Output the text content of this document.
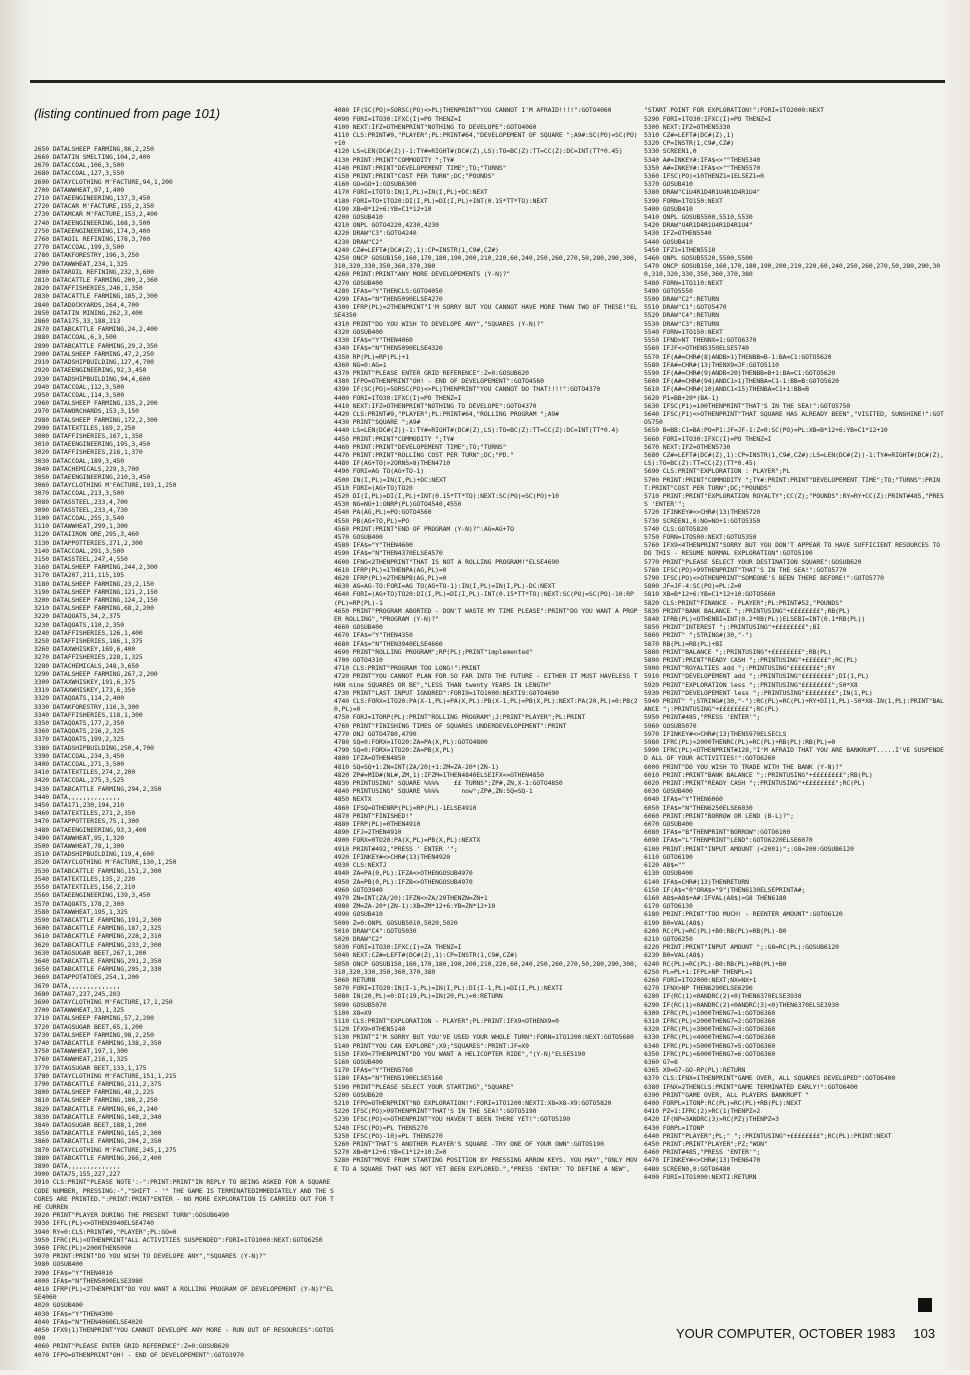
(listing continued from page 101)

2650 DATALSHEEP FARMING,86,2,250
2660 DATATIN SMELTING,104,2,400
2670 DATACCOAL,106,3,500
2680 DATACCOAL,127,3,550
2690 DATAYCLOTHING M'FACTURE,94,1,200
2700 DATAWWHEAT,97,1,400
2710 DATAEENGINEERING,137,3,450
2720 DATACAR M'FACTURE,155,2,350
2730 DATAMCAR M'FACTURE,153,2,400
2740 DATAEENGINEERING,168,3,500
2750 DATAEENGINEERING,174,3,400
2760 DATAOIL REFINING,178,3,700
2770 DATACCOAL,199,3,500
2780 DATAKFORESTRY,196,3,250
2790 DATAWWHEAT,234,1,325
2800 DATAROIL REFINING,232,3,600
2810 DATACATTLE FARMING,209,2,360
2820 DATAFFISHERIES,246,1,350
2830 DATACATTLE FARMING,185,2,300
2840 DATADOCKYARDS,264,4,700
2850 DATATIN MINING,262,3,400
2860 DATA175,33,188,213
2870 DATABCATTLE FARMING,24,2,400
2880 DATACCOAL,6,3,500
2890 DATABCATTLE FARMING,29,2,350
2900 DATALSHEEP FARMING,47,2,250
2910 DATADSHIPBUILDING,127,4,700
2920 DATAEENGINEERING,92,3,450
2930 DATADSHIPBUILDING,94,4,600
2940 DATACCOAL,112,3,500
2950 DATACCOAL,114,3,500
2960 DATALSHEEP FARMING,135,2,200
2970 DATAWORCHARDS,153,3,150
2980 DATALSHEEP FARMING,172,2,300
2990 DATATEXTILES,169,2,250
3000 DATAFFISHERIES,167,1,350
3010 DATAEENGINEERING,195,3,450
3020 DATAFFISHERIES,216,1,370
3030 DATACCOAL,189,3,450
3040 DATACHEMICALS,229,3,700
3050 DATAEENGINEERING,210,3,450
3060 DATAYCLOTHING M'FACTURE,193,1,250
3070 DATACCOAL,213,3,500
3080 DATASSTEEL,233,4,700
3090 DATASSTEEL,233,4,730
3100 DATACCOAL,255,3,540
3110 DATAWWHEAT,299,1,300
3120 DATAIIRON ORE,295,3,460
3130 DATAPPOTTERIES,271,2,300
3140 DATACCOAL,291,3,500
3150 DATASSTEEL,247,4,550
3160 DATALSHEEP FARMING,244,2,300
3170 DATA207,211,115,195
3180 DATALSHEEP FARMING,23,2,150
3190 DATALSHEEP FARMING,121,2,150
3200 DATALSHEEP FARMING,124,2,150
3210 DATALSHEEP FARMING,68,2,200
3220 DATAQOATS,34,2,375
3230 DATAQOATS,110,2,350
3240 DATAFFISHERIES,126,1,400
3250 DATAFFISHERIES,186,1,375
3260 DATAXWHISKEY,169,6,400
3270 DATAFFISHERIES,228,1,325
3280 DATACHEMICALS,248,3,650
3290 DATALSHEEP FARMING,267,2,200
3300 DATAXWHISKEY,191,6,375
3310 DATAXWHISKEY,173,6,350
3320 DATAQOATS,114,2,400
3330 DATAKFORESTRY,116,3,300
3340 DATAFFISHERIES,118,1,300
3350 DATAQOATS,177,2,350
3360 DATAQOATS,216,2,325
3370 DATAQOATS,199,2,325
3380 DATADSHIPBUILDING,250,4,700
3390 DATACCOAL,234,3,450
3400 DATACCOAL,271,3,500
3410 DATATEXTILES,274,2,200
3420 DATACCOAL,275,3,525
3430 DATABCATTLE FARMING,294,2,350
3440 DATA,,,,,,,,,,,,,,
3450 DATA171,230,194,210
3460 DATATEXTILES,271,2,350
3470 DATAPPOTTERIES,75,1,300
3480 DATAEENGINEERING,93,3,400
3490 DATAWWHEAT,95,1,320
3500 DATAWWHEAT,78,1,300
3510 DATADSHIPBUILDING,119,4,600
3520 DATAYCLOTHING M'FACTURE,130,1,250
3530 DATABCATTLE FARMING,151,2,300
3540 DATATEXTILES,135,2,220
3550 DATATEXTILES,156,2,210
3560 DATAEENGINEERING,139,3,450
3570 DATAQOATS,178,2,300
3580 DATAWWHEAT,195,1,325
3590 DATABCATTLE FARMING,191,2,300
3600 DATABCATTLE FARMING,187,2,325
3610 DATABCATTLE FARMING,228,2,310
3620 DATABCATTLE FARMING,233,2,300
3630 DATAGSUGAR BEET,267,1,200
3640 DATABCATTLE FARMING,291,2,350
3650 DATABCATTLE FARMING,295,2,330
3660 DATAPPOTATOES,254,1,200
3670 DATA,,,,,,,,,,,,,,
3680 DATA87,237,245,203
3690 DATAYCLOTHING M'FACTURE,17,1,250
3700 DATAWWHEAT,33,1,325
3710 DATALSHEEP FARMING,57,2,200
3720 DATAGSUGAR BEET,65,1,200
3730 DATALSHEEP FARMING,98,2,250
3740 DATABCATTLE FARMING,138,2,350
3750 DATAWWHEAT,197,1,300
3760 DATAWWHEAT,216,1,325
3770 DATAGSUGAR BEET,133,1,175
3780 DATAYCLOTHING M'FACTURE,151,1,215
3790 DATABCATTLE FARMING,211,2,375
3800 DATALSHEEP FARMING,48,2,225
3810 DATALSHEEP FARMING,108,2,250
3820 DATABCATTLE FARMING,66,2,240
3830 DATABCATTLE FARMING,148,2,340
3840 DATAGSUGAR BEET,188,1,200
3850 DATABCATTLE FARMING,165,2,300
3860 DATABCATTLE FARMING,204,2,350
3870 DATAYCLOTHING M'FACTURE,245,1,275
3880 DATABCATTLE FARMING,266,2,400
3890 DATA,,,,,,,,,,,,,,
3900 DATA75,155,227,227
3910 CLS:PRINT"PLEASE NOTE':-":PRINT:PRINT"IN REPLY TO BEING ASKED FOR A SQUARE CODE NUMBER, PRESSING:-","SHIFT - '" THE GAME IS TERMINATEDIMMEDIATELY AND THE SCORES ARE PRINTED.":PRINT:PRINT"ENTER - NO MORE EXPLORATION IS CARRIED OUT FOR THE CURREN
3920 PRINT"PLAYER DURING THE PRESENT TURN":GOSUB6490
3930 IFFL(PL)<>OTHEN3940ELSE4740
3940 RY=0:CLS:PRINT#9,"PLAYER";PL:GO=0
3950 IFRC(PL)<OTHENPRINT"ALL ACTIVITIES SUSPENDED":FORI=1TO1000:NEXT:GOTO6250
3960 IFRC(PL)<2000THEN5090
3970 PRINT:PRINT"DO YOU WISH TO DEVELOPE ANY","SQUARES (Y-N)?"
3980 GOSUB400
3990 IFA$="Y"THEN4010
4000 IFA$="N"THEN5090ELSE3980
4010 IFRP(PL)<2THENPRINT"DO YOU WANT A ROLLING PROGRAM OF DEVELOPEMENT (Y-N)?"ELSE4060
4020 GOSUB400
4030 IFA$="Y"THEN4300
4040 IFA$="N"THEN4060ELSE4020
4050 IFX9(1)THENPRINT"YOU CANNOT DEVELOPE ANY MORE - RUN OUT OF RESOURCES":GOTO5090
4060 PRINT"PLEASE ENTER GRID REFERENCE":Z=0:GOSUB620
4070 IFPO=OTHENPRINT"OH! - END OF DEVELOPEMENT":GOTO3970

4080 IF(SC(PO)>5ORSC(PO)<>PL)THENPRINT"YOU CANNOT I'M AFRAID!!!!":GOTO4060
4090 FORI=1TO30:IFXC(I)=PO THENZ=I
4100 NEXT:IFZ=OTHENPRINT"NOTHING TO DEVELOPE":GOTO4060
4110 CLS:PRINT#9,"PLAYER";PL:PRINT#64,"DEVELOPEMENT OF SQUARE ";A9#:SC(PO)=SC(PO)+10
4120 LS=LEN(DC#(Z))-1:TY#=RIGHT#(DC#(Z),LS):TO=BC(Z):TT=CC(Z):DC=INT(TT*0.45)
4130 PRINT:PRINT"COMMODITY ";TY#
4140 PRINT:PRINT"DEVELOPEMENT TIME";TO;"TURNS"
4150 PRINT:PRINT"COST PER TURN";DC;"POUNDS"
4160 GO=GO+1:GOSUB6300
4170 FORI=1TOTO:IN(I,PL)=IN(I,PL)+DC:NEXT
4180 FORI=TO+1TO20:DI(I,PL)=DI(I,PL)+INT(0.15*TT*TO):NEXT
4190 XB=B*12+6:YB=C1*12+10
4200 GOSUB410
4210 ONPL GOTO4220,4230,4230
4220 DRAW"C3":GOTO4240
4230 DRAW"C2"
4240 CZ#=LEFT#(DC#(Z),1):CP=INSTR(1,C9#,CZ#)
4250 ONCP GOSUB150,160,170,180,190,200,210,220,60,240,250,260,270,50,280,290,300,310,320,330,350,360,370,380
4260 PRINT:PRINT"ANY MORE DEVELOPEMENTS (Y-N)?"
4270 GOSUB400
4280 IFA$="Y"THENCLS:GOTO4050
4290 IFA$="N"THEN5090ELSE4270
4300 IFRP(PL)=2THENPRINT"I'M SORRY BUT YOU CANNOT HAVE MORE THAN TWO OF THESE!"ELSE4350
4310 PRINT"DO YOU WISH TO DEVELOPE ANY","SQUARES (Y-N)?"
4320 GOSUB400
4330 IFA$="Y"THEN4060
4340 IFA$="N"THEN5090ELSE4320
4350 RP(PL)=RP(PL)+1
4360 NG=0:AG=1
4370 PRINT"PLEASE ENTER GRID REFERENCE":Z=0:GOSUB620
4380 IFPO=OTHENPRINT"OH! - END OF DEVELOPEMENT":GOTO4560
4390 IF(SC(PO)>5ORSC(PO)<>PL)THENPRINT"YOU CANNOT DO THAT!!!!":GOTO4370
4400 FORI=1TO30:IFXC(I)=PO THENZ=I
4410 NEXT:IFZ=OTHENPRINT"NOTHING TO DEVELOPE":GOTO4370
4420 CLS:PRINT#9,"PLAYER";PL:PRINT#64,"ROLLING PROGRAM ";A9#
4430 PRINT"SQUARE ";A9#
4440 LS=LEN(DC#(Z))-1:TY#=RIGHT#(DC#(Z),LS):TO=BC(Z):TT=CC(Z):DC=INT(TT*0.4)
4450 PRINT:PRINT"COMMODITY ";TY#
4460 PRINT:PRINT"DEVELOPEMENT TIME";TO;"TURNS"
4470 PRINT:PRINT"ROLLING COST PER TURN";DC;"PD."
4480 IF(AG+TO)>2ORNS>8)THEN4710
4490 FORI=AG TO(AG+TO-1)
4500 IN(I,PL)=IN(I,PL)+DC:NEXT
4510 FORI=(AG+TO)TO20
4520 DI(I,PL)=DI(I,PL)+INT(0.15*TT*TO):NEXT:SC(PO)=SC(PO)+10
4530 NG=NG+1:ONRP(PL)GOTO4540,4550
4540 PA(AG,PL)=PO:GOTO4560
4550 PB(AG+TO,PL)=PO
4560 PRINT:PRINT"END OF PROGRAM (Y-N)?":AG=AG+TO
4570 GOSUB400
4580 IFA$="Y"THEN4600
4590 IFA$="N"THEN4370ELSE4570
4600 IFNG<2THENPRINT"THAT IS NOT A ROLLING PROGRAM!"ELSE4690
4610 IFRP(PL)=1THENPA(AG,PL)=0
4620 IFRP(PL)=2THENPB(AG,PL)=0
4630 AG=AG-TO:FORI=AG TO(AG+TO-1):IN(I,PL)=IN(I,PL)-DC:NEXT
4640 FORI=(AG+TO)TO20:DI(I,PL)=DI(I,PL)-INT(0.15*TT*TO):NEXT:SC(PO)=SC(PO)-10:RP(PL)=RP(PL)-1
4650 PRINT"PROGRAM ABORTED - DON'T WASTE MY TIME PLEASE":PRINT"DO YOU WANT A PROPER ROLLING","PROGRAM (Y-N)?"
4660 GOSUB400
4670 IFA$="Y"THEN4350
4680 IFA$="N"THEN3940ELSE4660
4690 PRINT"ROLLING PROGRAM";RP(PL);PRINT"implemented"
4700 GOTO4310
4710 CLS:PRINT"PROGRAM TOO LONG!":PRINT
4720 PRINT"YOU CANNOT PLAN FOR SO FAR INTO THE FUTURE - EITHER IT MUST HAVELESS THAN nine SQUARES OR BE","LESS THAN twenty YEARS IN LENGTH"
4730 PRINT"LAST INPUT IGNORED":FORI9=1TO1000:NEXTI9:GOTO4690
4740 CLS:FORX=1TO20:PA(X-1,PL)=PA(X,PL):PB(X-1,PL)=PB(X,PL):NEXT:PA(20,PL)=0:PB(20,PL)=0
4750 FORJ=1TORP(PL):PRINT"ROLLING PROGRAM";J:PRINT"PLAYER";PL:PRINT
4760 PRINT"FINISHING TIMES OF SQUARES UNDERDEVELOPEMENT":PRINT
4770 ONJ GOTO4780,4790
4780 SQ=0:FORX=1TO20:ZA=PA(X,PL):GOTO4800
4790 SQ=0:FORX=1TO20:ZA=PB(X,PL)
4800 IFZA=OTHEN4850
4810 SQ=SQ+1:ZN=INT(ZA/20)+1:ZM=ZA-20*(ZN-1)
4820 ZP#=MID#(NL#,ZM,1):IFZM=1THEN4840ELSEIFX<=OTHEN4850
4830 PRINTUSING" SQUARE %%%%    ££ TURNS";ZP#,ZN,X-1:GOTO4850
4840 PRINTUSING" SQUARE %%%%      now";ZP#,ZN:SQ=SQ-1
4850 NEXTX
4860 IFSQ=OTHENRP(PL)=RP(PL)-1ELSE4910
4870 PRINT"FINISHED!"
4880 IFRP(PL)=0THEN4910
4890 IFJ=2THEN4910
4900 FORX=0TO20:PA(X,PL)=PB(X,PL):NEXTX
4910 PRINT#492,"PRESS ' ENTER '";
4920 IFINKEY#<>CHR#(13)THEN4920
4930 CLS:NEXTJ
4940 ZA=PA(0,PL):IFZA<>OTHENGOSUB4970
4950 ZA=PB(0,PL):IFZB<>OTHENGOSUB4970
4960 GOTO3940
4970 ZN=INT(ZA/20):IFZN<>ZA/20THENZN=ZN+1
4980 ZM=ZA-20*(ZN-1):XB=ZM*12+6:YB=ZN*12+10
4990 GOSUB410
5000 Z=0:ONPL GOSUB5010,5020,5020
5010 DRAW"C4":GOTO5030
5020 DRAW"C2"
5030 FORI=1TO30:IFXC(I)=ZA THENZ=I
5040 NEXT:CZ#=LEFT#(DC#(Z),1):CP=INSTR(1,C9#,CZ#)
5050 ONCP GOSUB150,160,170,180,190,200,210,220,60,240,250,260,270,50,280,290,300,310,320,330,350,360,370,380
5060 RETURN
5070 FORI=1TO20:IN(I-1,PL)=IN(I,PL):DI(I-1,PL)=DI(I,PL):NEXTI
5080 IN(20,PL)=0:DI(19,PL)=IN(20,PL)=0:RETURN
5090 GOSUB5070
5100 X8=X9
5110 CLS:PRINT"EXPLORATION - PLAYER";PL:PRINT:IFX9<OTHENX9=0
5120 IFX9>0THEN5140
5130 PRINT"I'M SORRY BUT YOU'VE USED YOUR WHOLE TURN":FORN=1TO1200:NEXT:GOTO5680
5140 PRINT"YOU CAN EXPLORE";X9;"SQUARES":PRINT:JF=X9
5150 IFX9<7THENPRINT"DO YOU WANT A HELICOPTER RIDE","(Y-N)"ELSE5190
5160 GOSUB400
5170 IFA$="Y"THEN5760
5180 IFA$="N"THEN5190ELSE5160
5190 PRINT"PLEASE SELECT YOUR STARTING","SQUARE"
5200 GOSUB620
5210 IFPO=OTHENPRINT"NO EXPLORATION!":FORI=1TO1200:NEXTI:X8=X8-X9:GOTO5820
5220 IFSC(PO)>99THENPRINT"THAT'S IN THE SEA!":GOTO5190
5230 IFSC(PO)<>OTHENPRINT"YOU HAVEN'T BEEN THERE YET!":GOTO5190
5240 IFSC(PO)=PL THEN5270
5250 IFSC(PO)-10)=PL THEN5270
5260 PRINT"THAT'S ANOTHER PLAYER'S SQUARE -TRY ONE OF YOUR OWN":GOTO5190
5270 XB=B*12+6:YB=C1*12+10:Z=0
5280 PRINT"MOVE FROM STARTING POSITION BY PRESSING ARROW KEYS. YOU MAY","ONLY MOVE TO A SQUARE THAT HAS NOT YET BEEN EXPLORED.","PRESS 'ENTER' TO DEFINE A NEW",

"START POINT FOR EXPLORATION!":FORI=1TO2000:NEXT
5290 FORI=1TO30:IFXC(I)=PO THENZ=I
5300 NEXT:IFZ=OTHEN5330
5310 CZ#=LEFT#(DC#(Z),1)
5320 CP=INSTR(1,C9#,CZ#)
5330 SCREEN1,0
5340 A#=INKEY#:IFA$<>""THEN5340
5350 A#=INKEY#:IFA$<>""THEN5570
5360 IFSC(PO)<10THENZ1=1ELSEZ1=0
5370 GOSUB410
5380 DRAW"C1U4R1D4R1U4R1D4R1U4"
5390 FORN=1TO150:NEXT
5400 GOSUB410
5410 ONPL GOSUB5500,5510,5530
5420 DRAW"U4R1D4R1U4R1D4R1U4"
5430 IFZ=OTHEN5540
5440 GOSUB410
5450 IFZ1=1THEN5510
5460 ONPL GOSUB5520,5500,5500
5470 ONCP GOSUB150,160,170,180,190,200,210,220,60,240,250,260,270,50,280,290,300,310,320,330,350,360,370,380
5480 FORN=1TO110:NEXT
5490 GOTO5550
5500 DRAW"C2":RETURN
5510 DRAW"C1":GOTO5470
5520 DRAW"C4":RETURN
5530 DRAW"C3":RETURN
5540 FORN=1TO150:NEXT
5550 IFND>NT THENNX=1:GOTO6370
5560 IFJF<>OTHEN5350ELSE5740
5570 IF(A#=CHR#(8)ANDB>1)THENBB=B-1:BA=C1:GOTO5620
5580 IFA#=CHR#(13)THENX9=JF:GOTO5110
5590 IF(A#=CHR#(9)ANDB<20)THENBB=B+1:BA=C1:GOTO5620
5600 IF(A#=CHR#(94)ANDC1>1)THENBA=C1-1:BB=B:GOTO5620
5610 IF(A#=CHR#(10)ANDC1<15)THENBA=C1+1:BB=B
5620 P1=BB+20*(BA-1)
5630 IFSC(P1)=100THENPRINT"THAT'S IN THE SEA!":GOTO5750
5640 IFSC(P1)<>OTHENPRINT"THAT SQUARE HAS ALREADY BEEN","VISITED, SUNSHINE!":GOTO5750
5650 B=BB:C1=BA:PO=P1:JF=JF-1:Z=0:SC(PO)=PL:XB=B*12+6:YB=C1*12+10
5660 FORI=1TO30:IFXC(I)=PO THENZ=I
5670 NEXT:IFZ=OTHEN5730
5680 CZ#=LEFT#(DC#(Z),1):CP=INSTR(1,C9#,CZ#):LS=LEN(DC#(Z))-1:TY#=RIGHT#(DC#(Z),LS):TO=BC(Z):TT=CC(Z)(TT*0.45)
5690 CLS:PRINT"EXPLORATION : PLAYER";PL
5700 PRINT:PRINT"COMMODITY ";TY#:PRINT:PRINT"DEVELOPEMENT TIME";TO;"TURNS":PRINT:PRINT"COST PER TURN";DC;"POUNDS"
5710 PRINT:PRINT"EXPLORATION ROYALTY";CC(Z);"POUNDS":RY=RY+CC(Z):PRINT#485,"PRESS 'ENTER'";
5720 IFINKEY#<>CHR#(13)THEN5720
5730 SCREEN1,0:NO=NO+1:GOTO5350
5740 CLS:GOTO5820
5750 FORN=1TO500:NEXT:GOTO5350
5760 IFX9<4THENPRINT"SORRY BUT YOU DON'T APPEAR TO HAVE SUFFICIENT RESOURCES TO DO THIS - RESUME NORMAL EXPLORATION":GOTO5190
5770 PRINT"PLEASE SELECT YOUR DESTINATION SQUARE":GOSUB620
5780 IFSC(PO)>99THENPRINT"THAT'S IN THE SEA!":GOTO5770
5790 IFSC(PO)<>OTHENPRINT"SOMEONE'S BEEN THERE BEFORE!":GOTO5770
5800 JF=JF-4:SC(PO)=PL:Z=0
5810 XB=B*12+6:YB=C1*12+10:GOTO5660
5820 CLS:PRINT"FINANCE - PLAYER";PL:PRINT#52,"POUNDS"
5830 PRINT"BANK BALANCE ";:PRINTUSING"+££££££££";RB(PL)
5840 IFRB(PL)<OTHENBI=INT(0.2*RB(PL))ELSEBI=INT(0.1*RB(PL))
5850 PRINT"INTEREST ";:PRINTUSING"+££££££££";BI
5860 PRINT" ";STRING#(30,"-")
5870 RB(PL)=RB(PL)+BI
5880 PRINT"BALANCE ";:PRINTUSING"+££££££££";RB(PL)
5890 PRINT:PRINT"READY CASH ";:PRINTUSING"+££££££";RC(PL)
5900 PRINT"ROYALTIES add ";:PRINTUSING"££££££££";RY
5910 PRINT"DEVELOPEMENT add ";:PRINTUSING"££££££££";DI(1,PL)
5920 PRINT"EXPLORATION less ";:PRINTUSING"££££££££";50*X8
5930 PRINT"DEVELOPEMENT less ";:PRINTUSING"££££££££";IN(1,PL)
5940 PRINT" ";STRING#(30,"-"):RC(PL)=RC(PL)+RY+DI(1,PL)-50*X8-IN(1,PL):PRINT"BALANCE ";:PRINTUSING"+££££££££";RC(PL)
5950 PRINT#485,"PRESS 'ENTER'";
5960 GOSUB5070
5970 IFINKEY#<>CHR#(13)THEN5970ELSECLS
5980 IFRC(PL)<2000THENRC(PL)=RC(PL)+RB(PL):RB(PL)=0
5990 IFRC(PL)<OTHENPRINT#128,"I'M AFRAID THAT YOU ARE BANKRUPT.....I'VE SUSPENDED ALL OF YOUR ACTIVITIES!":GOTO6260
6000 PRINT"DO YOU WISH TO TRADE WITH THE BANK (Y-N)?"
6010 PRINT:PRINT"BANK BALANCE ";:PRINTUSING"+££££££££";RB(PL)
6020 PRINT:PRINT"READY CASH ";:PRINTUSING"+££££££££";RC(PL)
6030 GOSUB400
6040 IFA$="Y"THEN6060
6050 IFA$="N"THEN6250ELSE6030
6060 PRINT:PRINT"BORROW OR LEND (B-L)?";
6070 GOSUB400
6080 IFA$="B"THENPRINT"BORROW":GOTO6100
6090 IFA$="L"THENPRINT"LEND":GOTO6220ELSE6070
6100 PRINT:PRINT"INPUT AMOUNT (<2001)";:G8=200:GOSUB6120
6110 GOTO6190
6120 A8$=""
6130 GOSUB400
6140 IFA$=CHR#(13)THENRETURN
6150 IF(A$<"0"ORA$>"9")THEN6130ELSEPRINTA#;
6160 A8$=A8$+A#:IFVAL(A8$)>G8 THEN6180
6170 GOTO6130
6180 PRINT:PRINT"TOO MUCH! - REENTER AMOUNT":GOTO6120
6190 B0=VAL(A8$)
6200 RC(PL)=RC(PL)+B0:RB(PL)=RB(PL)-B0
6210 GOTO6250
6220 PRINT:PRINT"INPUT AMOUNT ";:G8=RC(PL):GOSUB6120
6230 B0=VAL(A8$)
6240 RC(PL)=RC(PL)-B0:RB(PL)=RB(PL)+B0
6250 PL=PL+1:IFPL>NP THENPL=1
6260 FORI=1TO2000:NEXT;NX=NX+1
6270 IFNX>NP THEN6290ELSE6290
6280 IF(RC(1)<0ANDRC(2)<0)THEN6370ELSE3930
6290 IF(RC(1)<0ANDRC(2)<0ANDRC(3)<0)THEN6370ELSE3930
6300 IFRC(PL)<1000THENG7=1:GOTO6360
6310 IFRC(PL)<2000THENG7=2:GOTO6360
6320 IFRC(PL)<3000THENG7=3:GOTO6360
6330 IFRC(PL)<4000THENG7=4:GOTO6360
6340 IFRC(PL)<5000THENG7=5:GOTO6360
6350 IFRC(PL)<6000THENG7=6:GOTO6360
6360 G7=8
6365 X9=G7-GO-RP(PL):RETURN
6370 CLS:IFNX=1THENPRINT"GAME OVER, ALL SQUARES DEVELOPED":GOTO6400
6380 IFNX=2THENCLS:PRINT"GAME TERMINATED EARLY!":GOTO6400
6390 PRINT"GAME OVER, ALL PLAYERS BANKRUPT "
6400 FORPL=1TONP:RC(PL)=RC(PL)+RB(PL):NEXT
6410 PZ=1:IFRC(2)>RC(1)THENPZ=2
6420 IF(NP=3ANDRC(3)>RC(PZ))THENPZ=3
6430 FORPL=1TONP
6440 PRINT"PLAYER";PL;" ";:PRINTUSING"+££££££££";RC(PL):PRINT:NEXT
6450 PRINT:PRINT"PLAYER";PZ;"WON"
6460 PRINT#485,"PRESS 'ENTER'";
6470 IFINKEY#<>CHR#(13)THEN6470
6480 SCREEN0,0:GOTO6480
6490 FORI=1TO1000:NEXTI:RETURN

YOUR COMPUTER, OCTOBER 1983 103
